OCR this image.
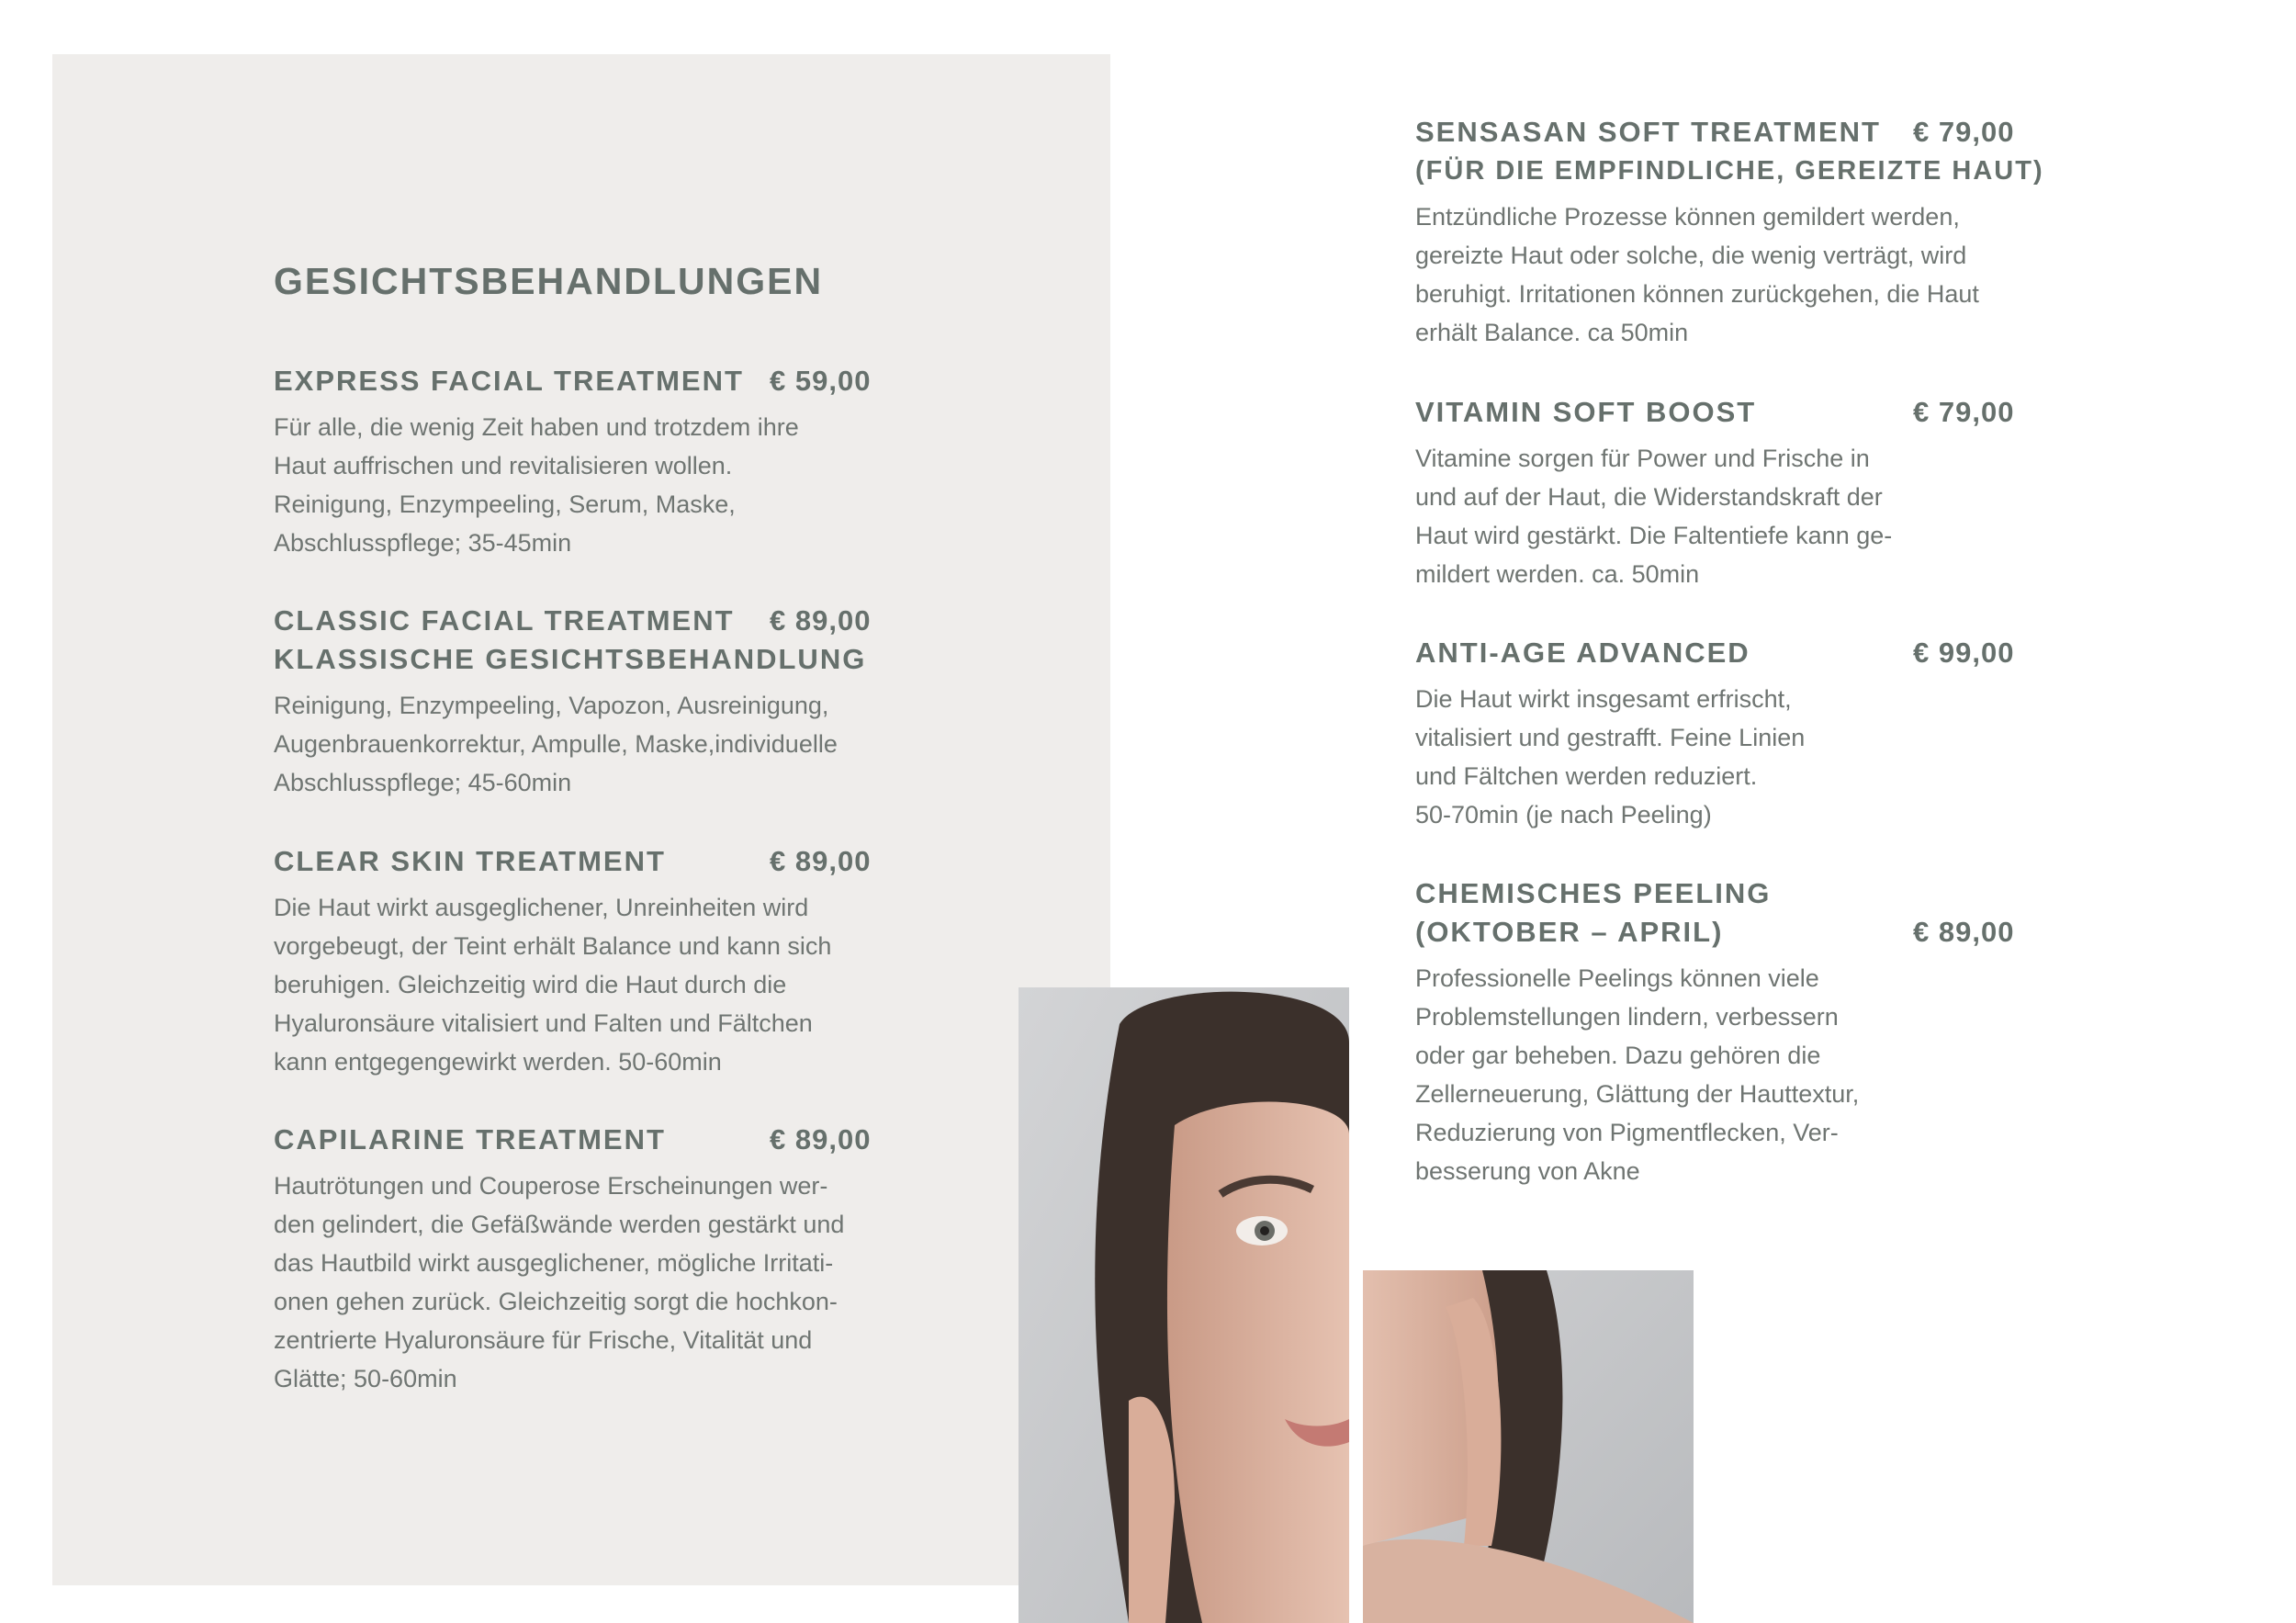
GESICHTSBEHANDLUNGEN
EXPRESS FACIAL TREATMENT € 59,00
Für alle, die wenig Zeit haben und trotzdem ihre
Haut auffrischen und revitalisieren wollen.
Reinigung, Enzympeeling, Serum, Maske,
Abschlusspflege; 35-45min
CLASSIC FACIAL TREATMENT
KLASSISCHE GESICHTSBEHANDLUNG
€ 89,00
Reinigung, Enzympeeling, Vapozon, Ausreinigung,
Augenbrauenkorrektur, Ampulle, Maske,individuelle
Abschlusspflege; 45-60min
CLEAR SKIN TREATMENT	€ 89,00
Die Haut wirkt ausgeglichener, Unreinheiten wird
vorgebeugt, der Teint erhält Balance und kann sich
beruhigen. Gleichzeitig wird die Haut durch die
Hyaluronsäure vitalisiert und Falten und Fältchen
kann entgegengewirkt werden. 50-60min
CAPILARINE TREATMENT	€ 89,00
Hautrötungen und Couperose Erscheinungen wer-
den gelindert, die Gefäßwände werden gestärkt und
das Hautbild wirkt ausgeglichener, mögliche Irritati-
onen gehen zurück. Gleichzeitig sorgt die hochkon-
zentrierte Hyaluronsäure für Frische, Vitalität und
Glätte; 50-60min
SENSASAN SOFT TREATMENT
(FÜR DIE EMPFINDLICHE, GEREIZTE HAUT)
€ 79,00
Entzündliche Prozesse können gemildert werden,
gereizte Haut oder solche, die wenig verträgt, wird
beruhigt. Irritationen können zurückgehen, die Haut
erhält Balance. ca 50min
VITAMIN SOFT BOOST	€ 79,00
Vitamine sorgen für Power und Frische in
und auf der Haut, die Widerstandskraft der
Haut wird gestärkt. Die Faltentiefe kann ge-
mildert werden. ca. 50min
ANTI-AGE ADVANCED	€ 99,00
Die Haut wirkt insgesamt erfrischt,
vitalisiert und gestrafft. Feine Linien
und Fältchen werden reduziert.
50-70min (je nach Peeling)
CHEMISCHES PEELING
(OKTOBER – APRIL)	€ 89,00
Professionelle Peelings können viele
Problemstellungen lindern, verbessern
oder gar beheben. Dazu gehören die
Zellerneuerung, Glättung der Hauttextur,
Reduzierung von Pigmentflecken, Ver-
besserung von Akne
